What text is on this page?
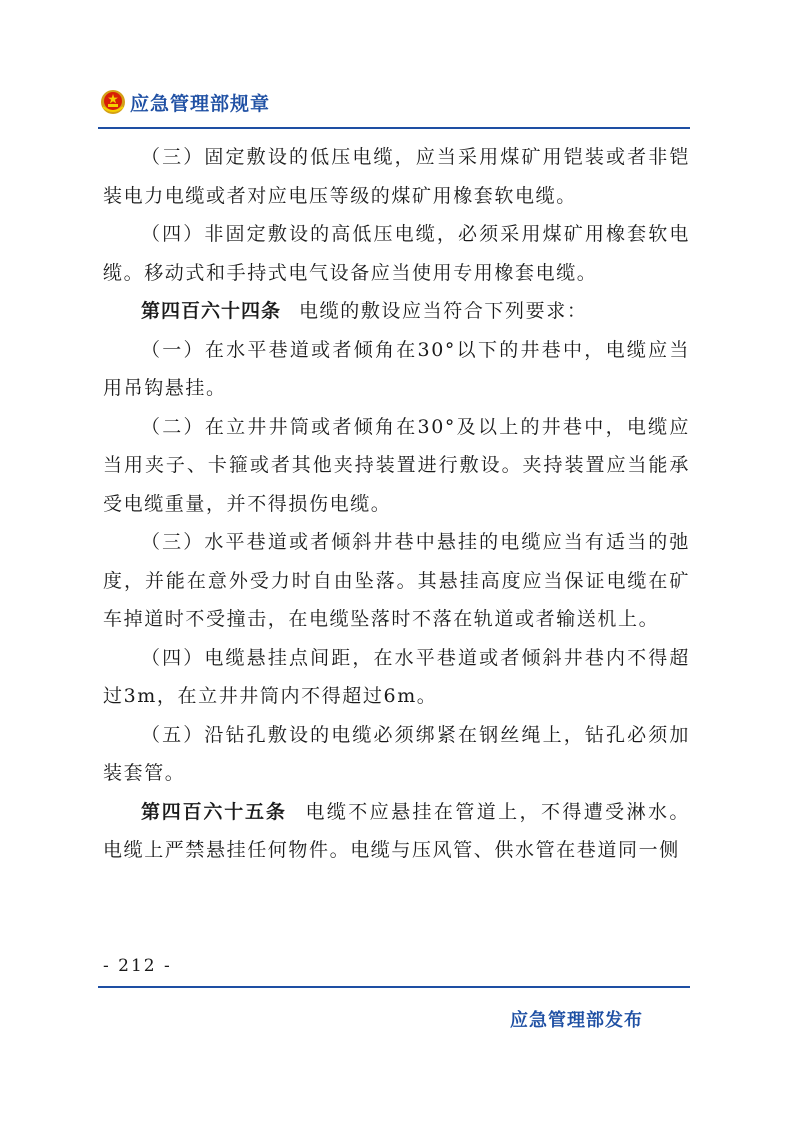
应急管理部规章

（三）固定敷设的低压电缆，应当采用煤矿用铠装或者非铠装电力电缆或者对应电压等级的煤矿用橡套软电缆。

（四）非固定敷设的高低压电缆，必须采用煤矿用橡套软电缆。移动式和手持式电气设备应当使用专用橡套电缆。

第四百六十四条 电缆的敷设应当符合下列要求：

（一）在水平巷道或者倾角在30°以下的井巷中，电缆应当用吊钩悬挂。

（二）在立井井筒或者倾角在30°及以上的井巷中，电缆应当用夹子、卡箍或者其他夹持装置进行敷设。夹持装置应当能承受电缆重量，并不得损伤电缆。

（三）水平巷道或者倾斜井巷中悬挂的电缆应当有适当的弛度，并能在意外受力时自由坠落。其悬挂高度应当保证电缆在矿车掉道时不受撞击，在电缆坠落时不落在轨道或者输送机上。

（四）电缆悬挂点间距，在水平巷道或者倾斜井巷内不得超过3m，在立井井筒内不得超过6m。

（五）沿钻孔敷设的电缆必须绑紧在钢丝绳上，钻孔必须加装套管。

第四百六十五条 电缆不应悬挂在管道上，不得遭受淋水。电缆上严禁悬挂任何物件。电缆与压风管、供水管在巷道同一侧

- 212 -
应急管理部发布
